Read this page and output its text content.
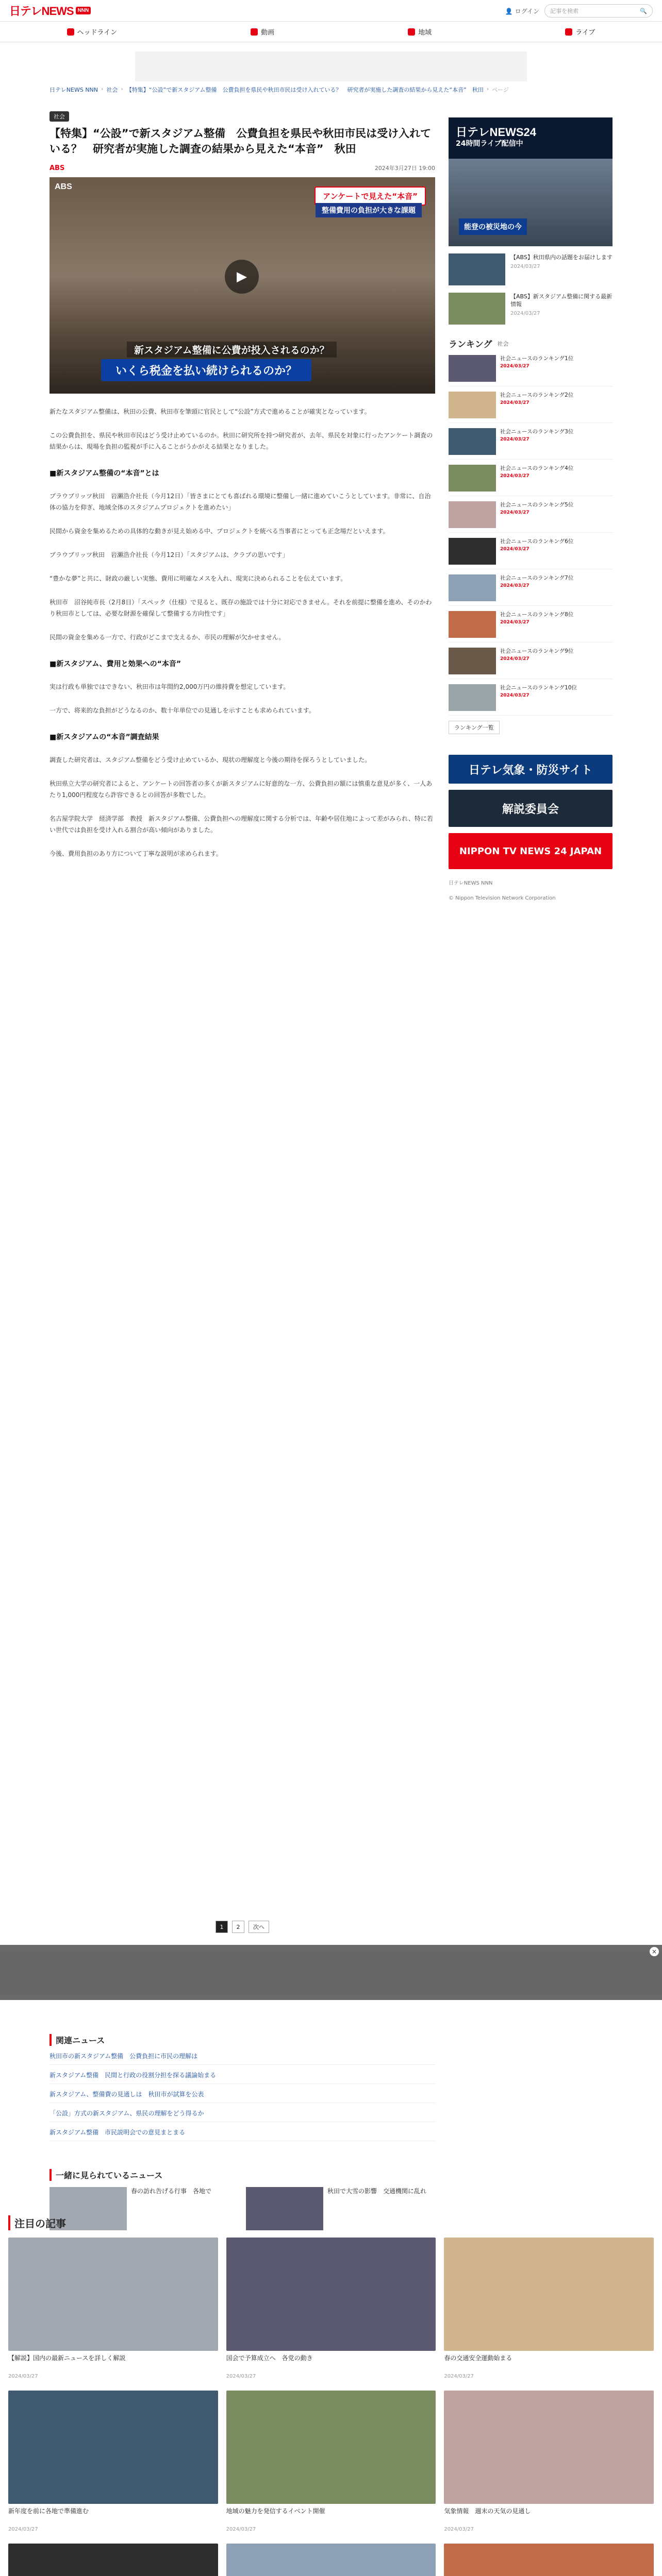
日テレNEWS NNN	👤 ログイン 記事を検索	🔍
ヘッドライン	動画	地域	ライブ
日テレNEWS NNN › 社会 › 【特集】“公設”で新スタジアム整備　公費負担を県民や秋田市民は受け入れている？　研究者が実施した調査の結果から見えた“本音”　秋田 › ページ
社会
【特集】“公設”で新スタジアム整備　公費負担を県民や秋田市民は受け入れている？　研究者が実施した調査の結果から見えた“本音”　秋田
ABS	2024年3月27日 19:00
ABS
アンケートで見えた“本音”
整備費用の負担が大きな課題
▶
新スタジアム整備に公費が投入されるのか？
いくら税金を払い続けられるのか？
新たなスタジアム整備は、秋田の公費、秋田市を筆頭に官民として“公設”方式で進めることが確実となっています。
この公費負担を、県民や秋田市民はどう受け止めているのか。秋田に研究所を持つ研究者が、去年、県民を対象に行ったアンケート調査の結果からは、現場を負担の監視が手に入ることがうかがえる結果となりました。
■新スタジアム整備の“本音”とは
ブラウブリッツ秋田　岩瀬浩介社長（今月12日）「皆さまにとても喜ばれる環境に整備し一緒に進めていこうとしています。非常に、自治体の協力を仰ぎ、地域全体のスタジアムプロジェクトを進めたい」
民間から資金を集めるための具体的な動きが見え始める中、プロジェクトを統べる当事者にとっても正念場だといえます。
ブラウブリッツ秋田　岩瀬浩介社長（今月12日）「スタジアムは、クラブの思いです」
“豊かな夢”と共に、財政の厳しい実態、費用に明確なメスを入れ、現実に決められることを伝えています。
秋田市　沼谷純市長（2月8日）「スペック（仕様）で見ると、既存の施設では十分に対応できません。それを前提に整備を進め、そのかわり秋田市としては、必要な財源を確保して整備する方向性です」
民間の資金を集める一方で、行政がどこまで支えるか、市民の理解が欠かせません。
■新スタジアム、費用と効果への“本音”
実は行政も単独ではできない、秋田市は年間約2,000万円の維持費を想定しています。
一方で、将来的な負担がどうなるのか、数十年単位での見通しを示すことも求められています。
■新スタジアムの“本音”調査結果
調査した研究者は、スタジアム整備をどう受け止めているか、現状の理解度と今後の期待を探ろうとしていました。
秋田県立大学の研究者によると、アンケートの回答者の多くが新スタジアムに好意的な一方、公費負担の額には慎重な意見が多く、一人あたり1,000円程度なら許容できるとの回答が多数でした。
名古屋学院大学　経済学部　教授　新スタジアム整備、公費負担への理解度に関する分析では、年齢や居住地によって差がみられ、特に若い世代では負担を受け入れる割合が高い傾向がありました。
今後、費用負担のあり方について丁寧な説明が求められます。
1	2	次へ
関連ニュース
秋田市の新スタジアム整備　公費負担に市民の理解は
新スタジアム整備　民間と行政の役割分担を探る議論始まる
新スタジアム、整備費の見通しは　秋田市が試算を公表
「公設」方式の新スタジアム、県民の理解をどう得るか
新スタジアム整備　市民説明会での意見まとまる
一緒に見られているニュース
春の訪れ告げる行事　各地で	秋田で大雪の影響　交通機関に乱れ
日テレNEWS24
24時間ライブ配信中
能登の被災地の今
【ABS】秋田県内の話題をお届けします
2024/03/27
【ABS】新スタジアム整備に関する最新情報
2024/03/27
ランキング 社会
社会ニュースのランキング1位
2024/03/27
社会ニュースのランキング2位
2024/03/27
社会ニュースのランキング3位
2024/03/27
社会ニュースのランキング4位
2024/03/27
社会ニュースのランキング5位
2024/03/27
社会ニュースのランキング6位
2024/03/27
社会ニュースのランキング7位
2024/03/27
社会ニュースのランキング8位
2024/03/27
社会ニュースのランキング9位
2024/03/27
社会ニュースのランキング10位
2024/03/27
ランキング一覧
日テレ気象・防災サイト
解説委員会
NIPPON TV NEWS 24 JAPAN
日テレNEWS NNN
© Nippon Television Network Corporation
×
注目の記事
【解説】国内の最新ニュースを詳しく解説
2024/03/27
国会で予算成立へ　各党の動き
2024/03/27
春の交通安全運動始まる
2024/03/27
新年度を前に各地で準備進む
2024/03/27
地域の魅力を発信するイベント開催
2024/03/27
気象情報　週末の天気の見通し
2024/03/27
